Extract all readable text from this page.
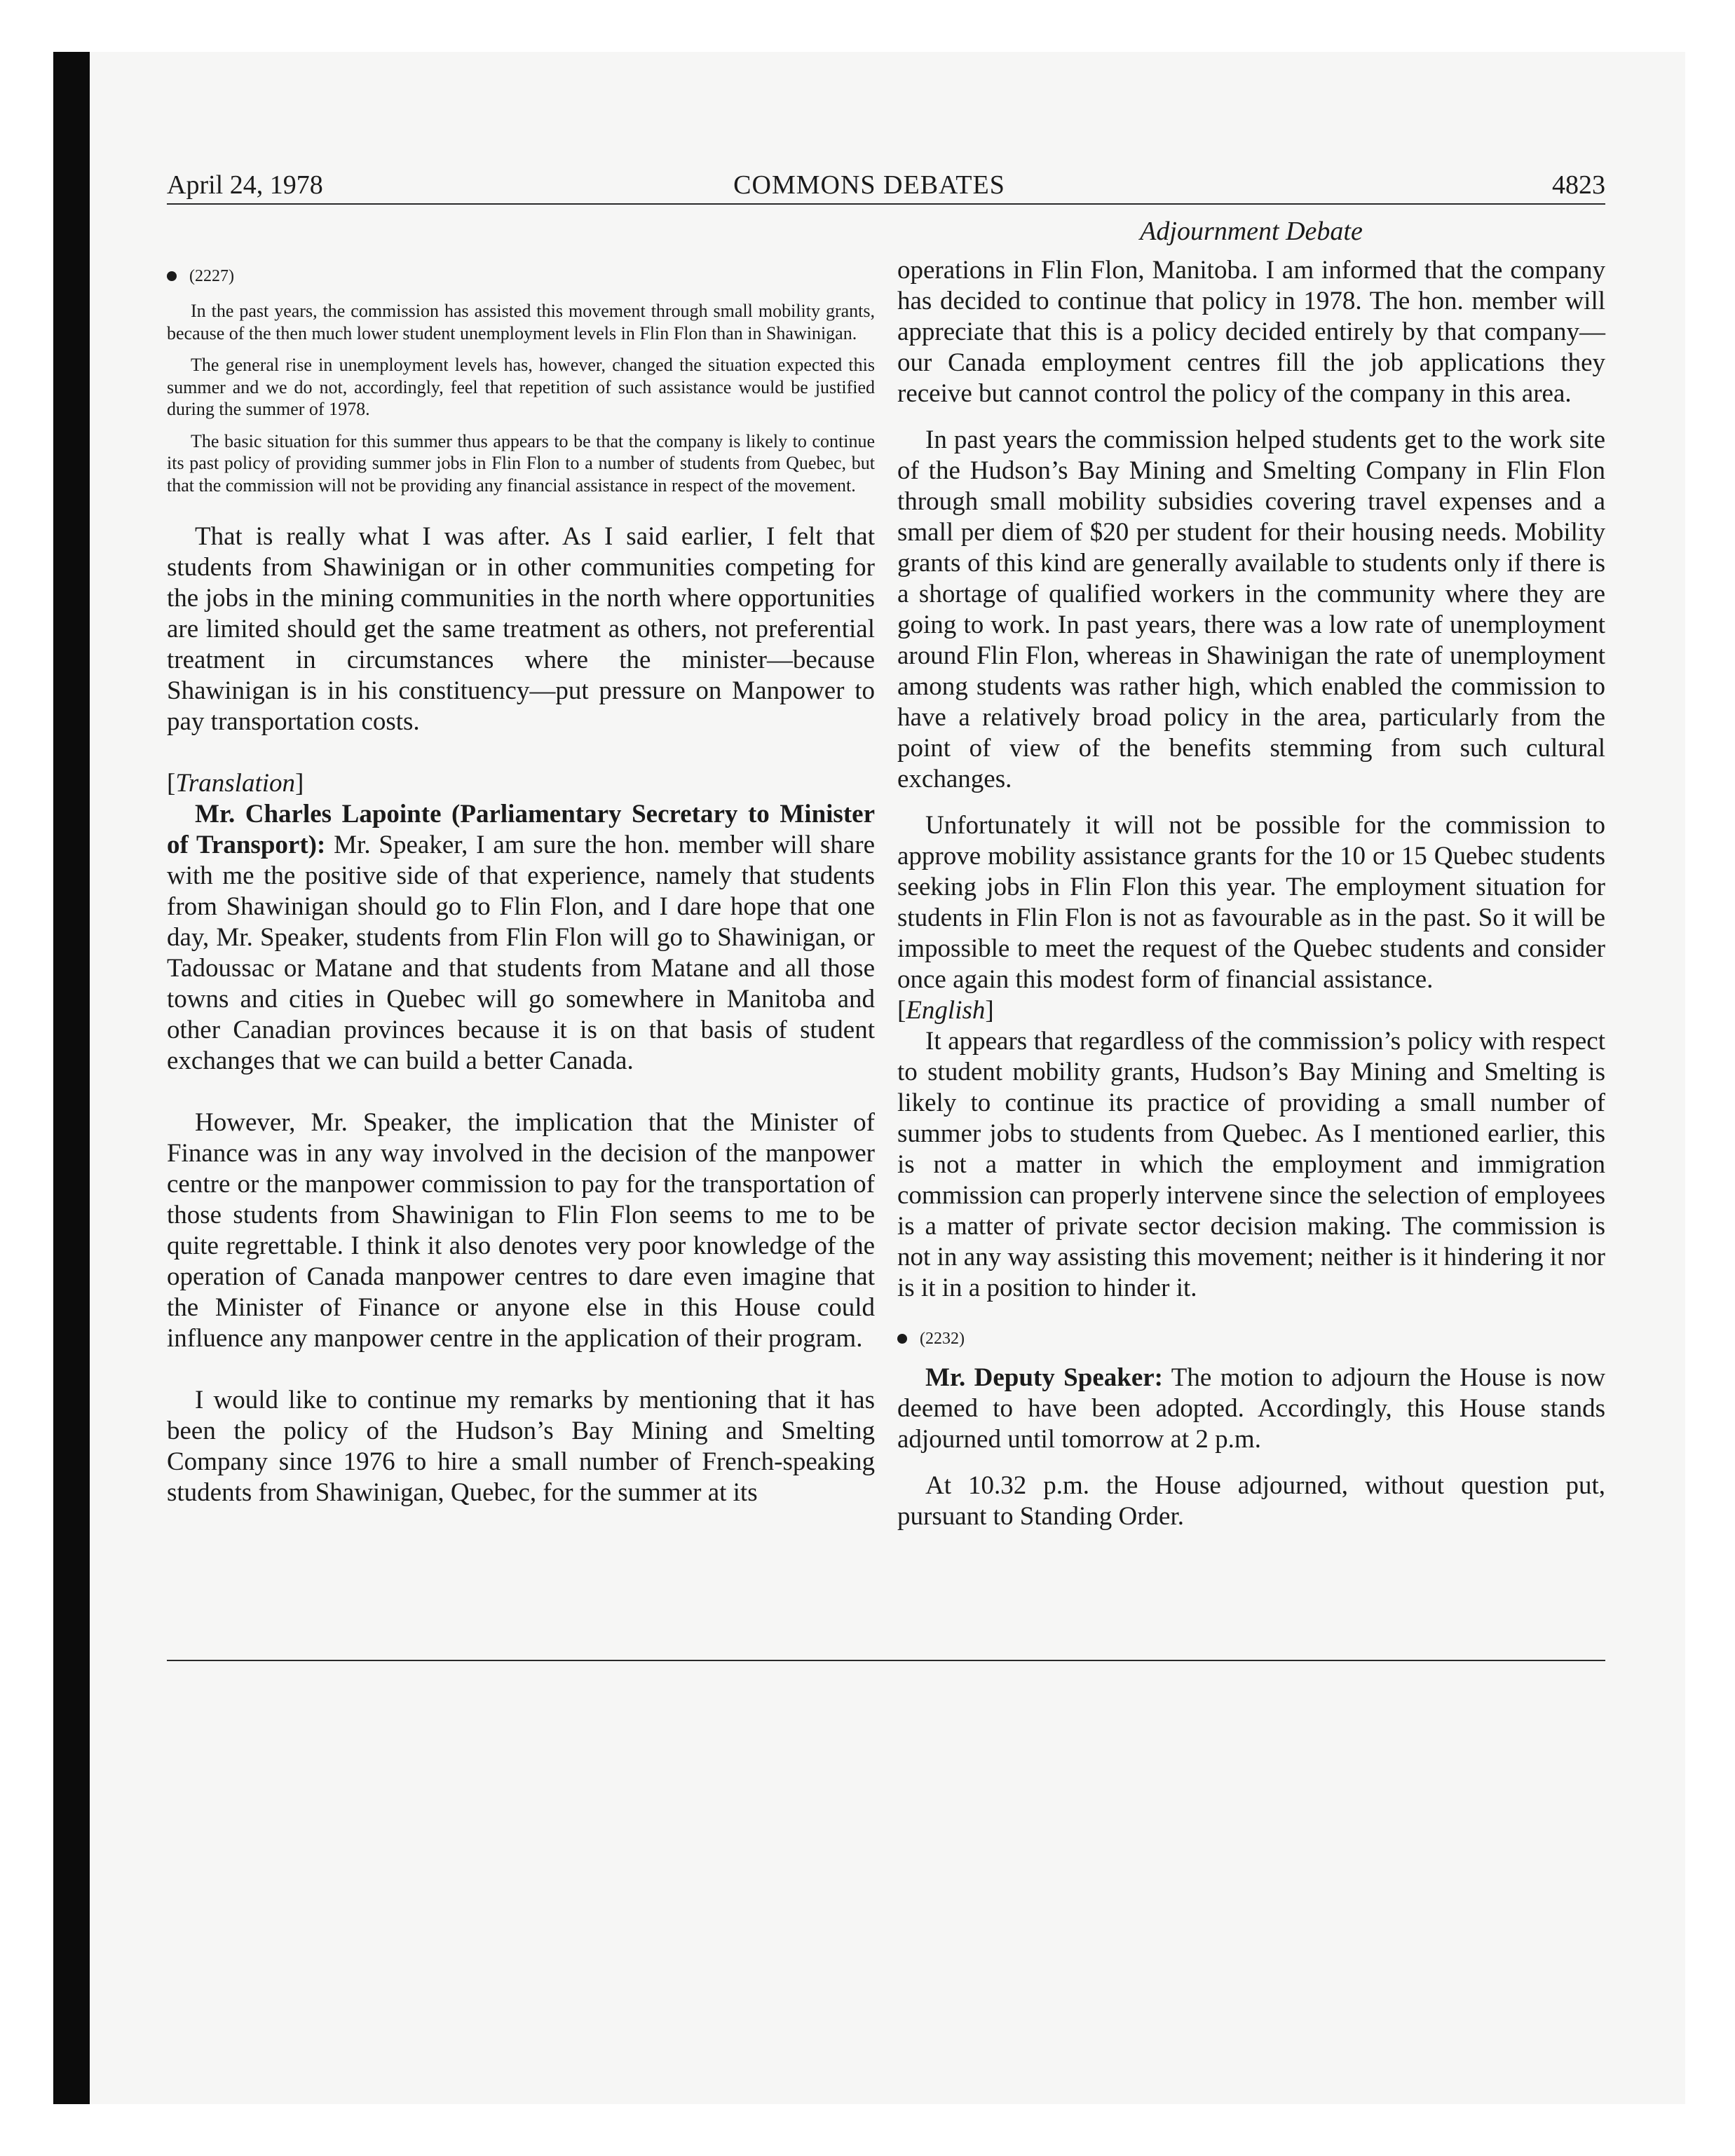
April 24, 1978	COMMONS DEBATES	4823
Adjournment Debate
(2227)

In the past years, the commission has assisted this movement through small mobility grants, because of the then much lower student unemployment levels in Flin Flon than in Shawinigan.

The general rise in unemployment levels has, however, changed the situation expected this summer and we do not, accordingly, feel that repetition of such assistance would be justified during the summer of 1978.

The basic situation for this summer thus appears to be that the company is likely to continue its past policy of providing summer jobs in Flin Flon to a number of students from Quebec, but that the commission will not be providing any financial assistance in respect of the movement.

That is really what I was after. As I said earlier, I felt that students from Shawinigan or in other communities competing for the jobs in the mining communities in the north where opportunities are limited should get the same treatment as others, not preferential treatment in circumstances where the minister—because Shawinigan is in his constituency—put pressure on Manpower to pay transportation costs.

[Translation]

Mr. Charles Lapointe (Parliamentary Secretary to Minister of Transport): Mr. Speaker, I am sure the hon. member will share with me the positive side of that experience, namely that students from Shawinigan should go to Flin Flon, and I dare hope that one day, Mr. Speaker, students from Flin Flon will go to Shawinigan, or Tadoussac or Matane and that students from Matane and all those towns and cities in Quebec will go somewhere in Manitoba and other Canadian provinces because it is on that basis of student exchanges that we can build a better Canada.

However, Mr. Speaker, the implication that the Minister of Finance was in any way involved in the decision of the manpower centre or the manpower commission to pay for the transportation of those students from Shawinigan to Flin Flon seems to me to be quite regrettable. I think it also denotes very poor knowledge of the operation of Canada manpower centres to dare even imagine that the Minister of Finance or anyone else in this House could influence any manpower centre in the application of their program.

I would like to continue my remarks by mentioning that it has been the policy of the Hudson’s Bay Mining and Smelting Company since 1976 to hire a small number of French-speaking students from Shawinigan, Quebec, for the summer at its

operations in Flin Flon, Manitoba. I am informed that the company has decided to continue that policy in 1978. The hon. member will appreciate that this is a policy decided entirely by that company—our Canada employment centres fill the job applications they receive but cannot control the policy of the company in this area.

In past years the commission helped students get to the work site of the Hudson’s Bay Mining and Smelting Company in Flin Flon through small mobility subsidies covering travel expenses and a small per diem of $20 per student for their housing needs. Mobility grants of this kind are generally available to students only if there is a shortage of qualified workers in the community where they are going to work. In past years, there was a low rate of unemployment around Flin Flon, whereas in Shawinigan the rate of unemployment among students was rather high, which enabled the commission to have a relatively broad policy in the area, particularly from the point of view of the benefits stemming from such cultural exchanges.

Unfortunately it will not be possible for the commission to approve mobility assistance grants for the 10 or 15 Quebec students seeking jobs in Flin Flon this year. The employment situation for students in Flin Flon is not as favourable as in the past. So it will be impossible to meet the request of the Quebec students and consider once again this modest form of financial assistance.

[English]

It appears that regardless of the commission’s policy with respect to student mobility grants, Hudson’s Bay Mining and Smelting is likely to continue its practice of providing a small number of summer jobs to students from Quebec. As I mentioned earlier, this is not a matter in which the employment and immigration commission can properly intervene since the selection of employees is a matter of private sector decision making. The commission is not in any way assisting this movement; neither is it hindering it nor is it in a position to hinder it.

(2232)

Mr. Deputy Speaker: The motion to adjourn the House is now deemed to have been adopted. Accordingly, this House stands adjourned until tomorrow at 2 p.m.

At 10.32 p.m. the House adjourned, without question put, pursuant to Standing Order.
